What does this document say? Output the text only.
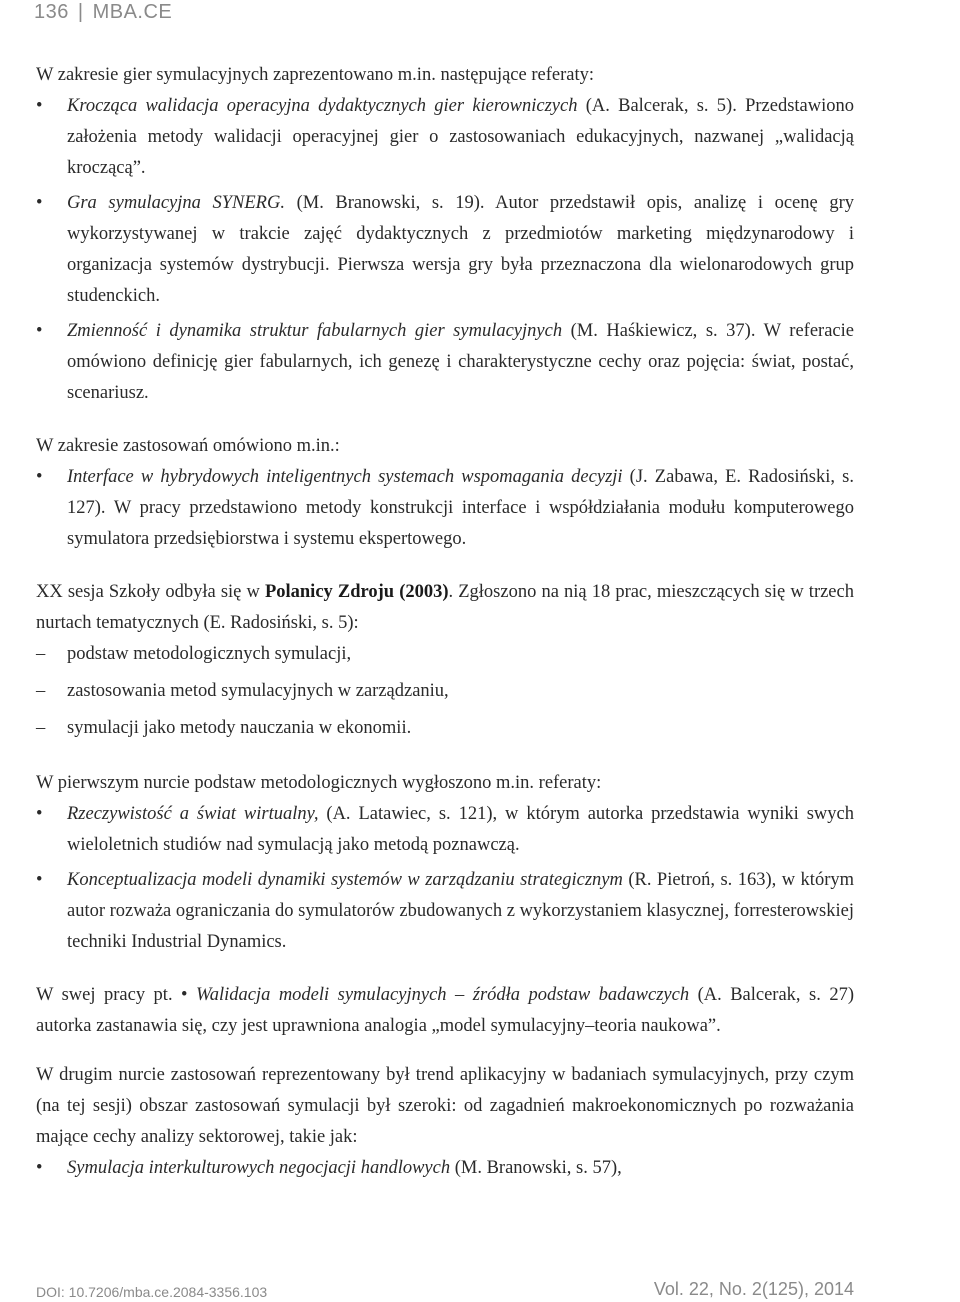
136 | MBA.CE

W zakresie gier symulacyjnych zaprezentowano m.in. następujące referaty:

• Krocząca walidacja operacyjna dydaktycznych gier kierowniczych (A. Balcerak, s. 5). Przedstawiono założenia metody walidacji operacyjnej gier o zastosowaniach edukacyjnych, nazwanej „walidacją kroczącą”.
• Gra symulacyjna SYNERG. (M. Branowski, s. 19). Autor przedstawił opis, analizę i ocenę gry wykorzystywanej w trakcie zajęć dydaktycznych z przedmiotów marketing międzynarodowy i organizacja systemów dystrybucji. Pierwsza wersja gry była przeznaczona dla wielonarodowych grup studenckich.
• Zmienność i dynamika struktur fabularnych gier symulacyjnych (M. Haśkiewicz, s. 37). W referacie omówiono definicję gier fabularnych, ich genezę i charakterystyczne cechy oraz pojęcia: świat, postać, scenariusz.

W zakresie zastosowań omówiono m.in.:

• Interface w hybrydowych inteligentnych systemach wspomagania decyzji (J. Zabawa, E. Radosiński, s. 127). W pracy przedstawiono metody konstrukcji interface i współdziałania modułu komputerowego symulatora przedsiębiorstwa i systemu ekspertowego.

XX sesja Szkoły odbyła się w Polanicy Zdroju (2003). Zgłoszono na nią 18 prac, mieszczących się w trzech nurtach tematycznych (E. Radosiński, s. 5):

– podstaw metodologicznych symulacji,
– zastosowania metod symulacyjnych w zarządzaniu,
– symulacji jako metody nauczania w ekonomii.

W pierwszym nurcie podstaw metodologicznych wygłoszono m.in. referaty:

• Rzeczywistość a świat wirtualny, (A. Latawiec, s. 121), w którym autorka przedstawia wyniki swych wieloletnich studiów nad symulacją jako metodą poznawczą.
• Konceptualizacja modeli dynamiki systemów w zarządzaniu strategicznym (R. Pietroń, s. 163), w którym autor rozważa ograniczania do symulatorów zbudowanych z wykorzystaniem klasycznej, forresterowskiej techniki Industrial Dynamics.

W swej pracy pt. • Walidacja modeli symulacyjnych – źródła podstaw badawczych (A. Balcerak, s. 27) autorka zastanawia się, czy jest uprawniona analogia „model symulacyjny–teoria naukowa”.

W drugim nurcie zastosowań reprezentowany był trend aplikacyjny w badaniach symulacyjnych, przy czym (na tej sesji) obszar zastosowań symulacji był szeroki: od zagadnień makroekonomicznych po rozważania mające cechy analizy sektorowej, takie jak:

• Symulacja interkulturowych negocjacji handlowych (M. Branowski, s. 57),
DOI: 10.7206/mba.ce.2084-3356.103	Vol. 22, No. 2(125), 2014
